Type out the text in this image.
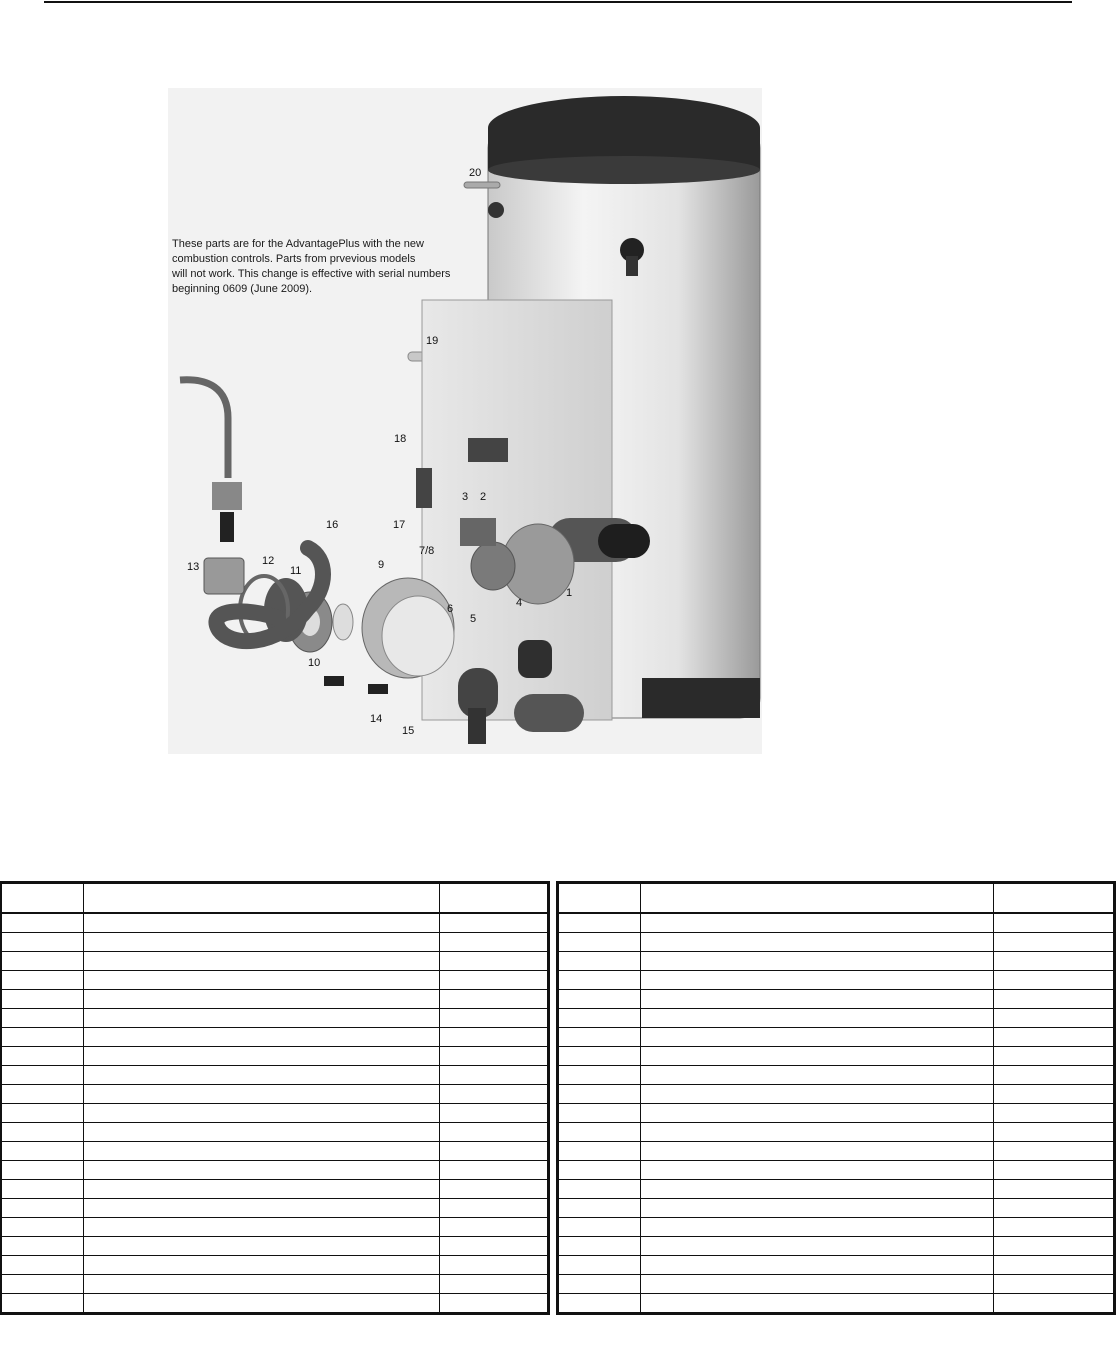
These parts are for the AdvantagePlus with the new
combustion controls. Parts from prvevious models
will not work. This change is effective with serial numbers
beginning 0609 (June 2009).
20
19
18
17
16
13	12
11	9
7/8
3 2
6
5
4
1
10
14
15
